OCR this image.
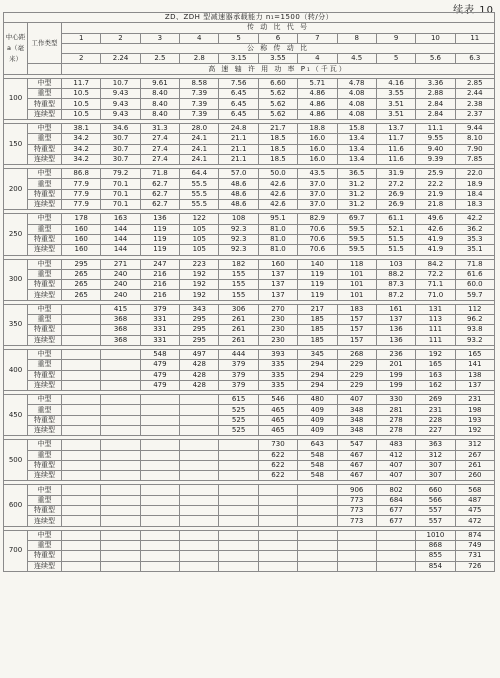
续表 10
ZD、ZDH 型减速器承载能力 n₁=1500（转/分）												
中心距 a（毫米）	工作类型	传 动 比 代 号										
		1	2	3	4	5	6	7	8	9	10	11
		公 称 传 动 比										
		2	2.24	2.5	2.8	3.15	3.55	4	4.5	5	5.6	6.3
		高 速 轴 许 用 功 率 P₁（千瓦）										

100	中型	11.7	10.7	9.61	8.58	7.56	6.60	5.71	4.78	4.16	3.36	2.85
	重型	10.5	9.43	8.40	7.39	6.45	5.62	4.86	4.08	3.55	2.88	2.44
	特重型	10.5	9.43	8.40	7.39	6.45	5.62	4.86	4.08	3.51	2.84	2.38
	连续型	10.5	9.43	8.40	7.39	6.45	5.62	4.86	4.08	3.51	2.84	2.37

150	中型	38.1	34.6	31.3	28.0	24.8	21.7	18.8	15.8	13.7	11.1	9.44
	重型	34.2	30.7	27.4	24.1	21.1	18.5	16.0	13.4	11.7	9.55	8.10
	特重型	34.2	30.7	27.4	24.1	21.1	18.5	16.0	13.4	11.6	9.40	7.90
	连续型	34.2	30.7	27.4	24.1	21.1	18.5	16.0	13.4	11.6	9.39	7.85

200	中型	86.8	79.2	71.8	64.4	57.0	50.0	43.5	36.5	31.9	25.9	22.0
	重型	77.9	70.1	62.7	55.5	48.6	42.6	37.0	31.2	27.2	22.2	18.9
	特重型	77.9	70.1	62.7	55.5	48.6	42.6	37.0	31.2	26.9	21.9	18.4
	连续型	77.9	70.1	62.7	55.5	48.6	42.6	37.0	31.2	26.9	21.8	18.3

250	中型	178	163	136	122	108	95.1	82.9	69.7	61.1	49.6	42.2
	重型	160	144	119	105	92.3	81.0	70.6	59.5	52.1	42.6	36.2
	特重型	160	144	119	105	92.3	81.0	70.6	59.5	51.5	41.9	35.3
	连续型	160	144	119	105	92.3	81.0	70.6	59.5	51.5	41.9	35.1

300	中型	295	271	247	223	182	160	140	118	103	84.2	71.8
	重型	265	240	216	192	155	137	119	101	88.2	72.2	61.6
	特重型	265	240	216	192	155	137	119	101	87.3	71.1	60.0
	连续型	265	240	216	192	155	137	119	101	87.2	71.0	59.7

350	中型		415	379	343	306	270	217	183	161	131	112
	重型		368	331	295	261	230	185	157	137	113	96.2
	特重型		368	331	295	261	230	185	157	136	111	93.8
	连续型		368	331	295	261	230	185	157	136	111	93.2

400	中型			548	497	444	393	345	268	236	192	165
	重型			479	428	379	335	294	229	201	165	141
	特重型			479	428	379	335	294	229	199	163	138
	连续型			479	428	379	335	294	229	199	162	137

450	中型					615	546	480	407	330	269	231
	重型					525	465	409	348	281	231	198
	特重型					525	465	409	348	278	228	193
	连续型					525	465	409	348	278	227	192

500	中型						730	643	547	483	363	312
	重型						622	548	467	412	312	267
	特重型						622	548	467	407	307	261
	连续型						622	548	467	407	307	260

600	中型								906	802	660	568
	重型								773	684	566	487
	特重型								773	677	557	475
	连续型								773	677	557	472

700	中型										1010	874
	重型										868	749
	特重型										855	731
	连续型										854	726
